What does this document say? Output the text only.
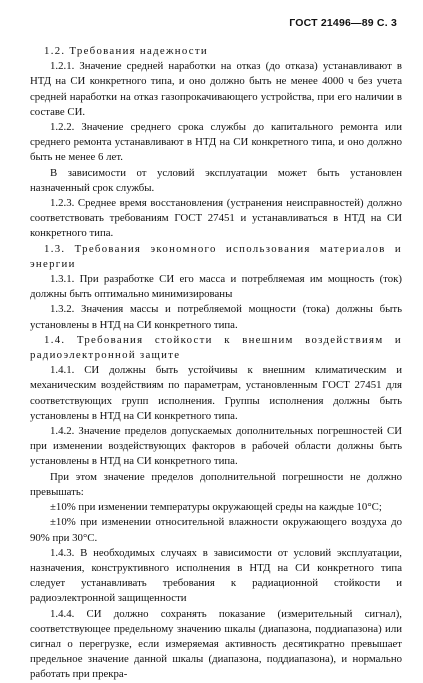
ГОСТ 21496—89 С. 3

1.2. Требования надежности

1.2.1. Значение средней наработки на отказ (до отказа) устанавливают в НТД на СИ конкретного типа, и оно должно быть не менее 4000 ч без учета средней наработки на отказ газопрокачивающего устройства, при его наличии в составе СИ.

1.2.2. Значение среднего срока службы до капитального ремонта или среднего ремонта устанавливают в НТД на СИ конкретного типа, и оно должно быть не менее 6 лет.

В зависимости от условий эксплуатации может быть установлен назначенный срок службы.

1.2.3. Среднее время восстановления (устранения неисправностей) должно соответствовать требованиям ГОСТ 27451 и устанавливаться в НТД на СИ конкретного типа.

1.3. Требования экономного использования материалов и энергии

1.3.1. При разработке СИ его масса и потребляемая им мощность (ток) должны быть оптимально минимизированы

1.3.2. Значения массы и потребляемой мощности (тока) должны быть установлены в НТД на СИ конкретного типа.

1.4. Требования стойкости к внешним воздействиям и радиоэлектронной защите

1.4.1. СИ должны быть устойчивы к внешним климатическим и механическим воздействиям по параметрам, установленным ГОСТ 27451 для соответствующих групп исполнения. Группы исполнения должны быть установлены в НТД на СИ конкретного типа.

1.4.2. Значение пределов допускаемых дополнительных погрешностей СИ при изменении воздействующих факторов в рабочей области должны быть установлены в НТД на СИ конкретного типа.

При этом значение пределов дополнительной погрешности не должно превышать:

±10% при изменении температуры окружающей среды на каждые 10°С;

±10% при изменении относительной влажности окружающего воздуха до 90% при 30°С.

1.4.3. В необходимых случаях в зависимости от условий эксплуатации, назначения, конструктивного исполнения в НТД на СИ конкретного типа следует устанавливать требования к радиационной стойкости и радиоэлектронной защищенности

1.4.4. СИ должно сохранять показание (измерительный сигнал), соответствующее предельному значению шкалы (диапазона, поддиапазона) или сигнал о перегрузке, если измеряемая активность десятикратно превышает предельное значение данной шкалы (диапазона, поддиапазона), и нормально работать при прекра-
